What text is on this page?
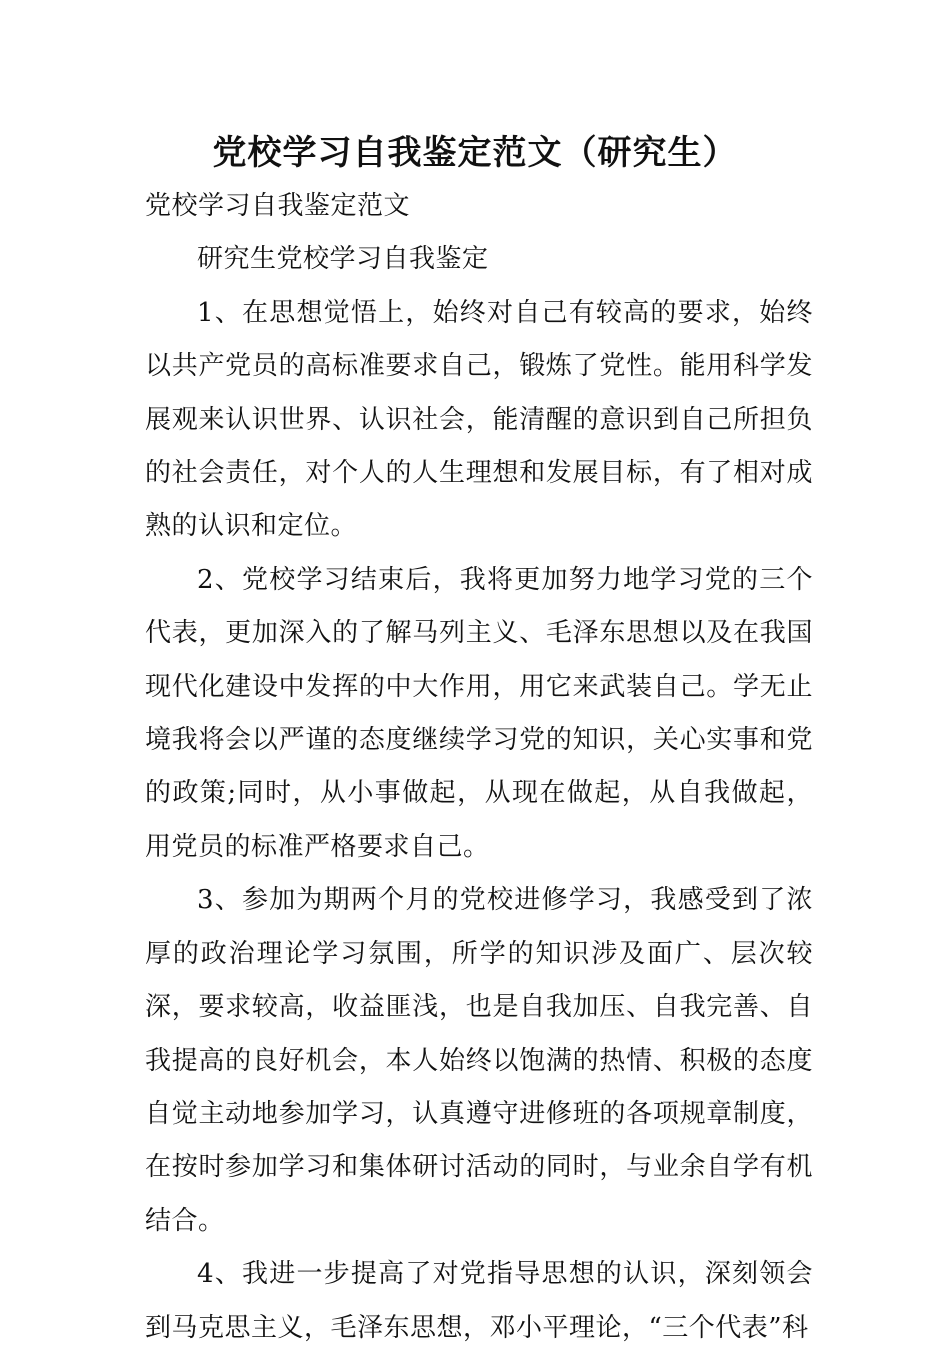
党校学习自我鉴定范文（研究生）

党校学习自我鉴定范文

研究生党校学习自我鉴定

1、在思想觉悟上，始终对自己有较高的要求，始终以共产党员的高标准要求自己，锻炼了党性。能用科学发展观来认识世界、认识社会，能清醒的意识到自己所担负的社会责任，对个人的人生理想和发展目标，有了相对成熟的认识和定位。

2、党校学习结束后，我将更加努力地学习党的三个代表，更加深入的了解马列主义、毛泽东思想以及在我国现代化建设中发挥的中大作用，用它来武装自己。学无止境我将会以严谨的态度继续学习党的知识，关心实事和党的政策;同时，从小事做起，从现在做起，从自我做起，用党员的标准严格要求自己。

3、参加为期两个月的党校进修学习，我感受到了浓厚的政治理论学习氛围，所学的知识涉及面广、层次较深，要求较高，收益匪浅，也是自我加压、自我完善、自我提高的良好机会，本人始终以饱满的热情、积极的态度自觉主动地参加学习，认真遵守进修班的各项规章制度，在按时参加学习和集体研讨活动的同时，与业余自学有机结合。

4、我进一步提高了对党指导思想的认识，深刻领会到马克思主义，毛泽东思想，邓小平理论，“三个代表”科
